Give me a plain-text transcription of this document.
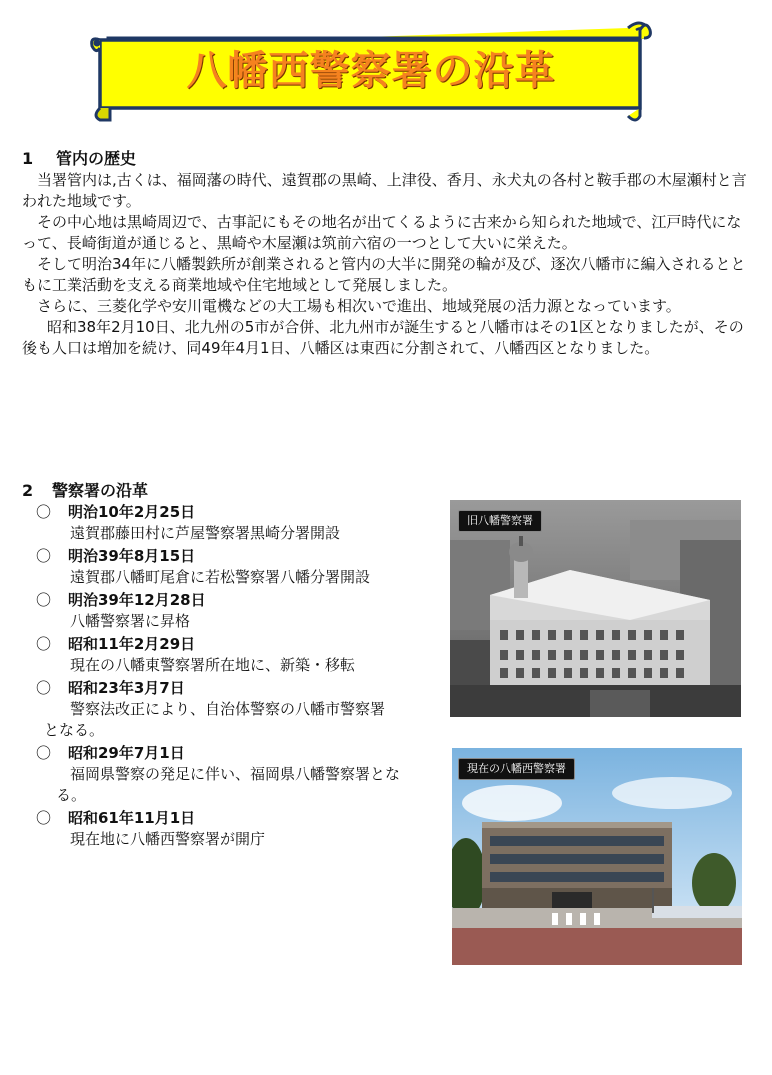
八幡西警察署の沿革
1 管内の歴史

当署管内は,古くは、福岡藩の時代、遠賀郡の黒崎、上津役、香月、永犬丸の各村と鞍手郡の木屋瀬村と言われた地域です。

その中心地は黒崎周辺で、古事記にもその地名が出てくるように古来から知られた地域で、江戸時代になって、長崎街道が通じると、黒崎や木屋瀬は筑前六宿の一つとして大いに栄えた。

そして明治34年に八幡製鉄所が創業されると管内の大半に開発の輪が及び、逐次八幡市に編入されるとともに工業活動を支える商業地域や住宅地域として発展しました。

さらに、三菱化学や安川電機などの大工場も相次いで進出、地域発展の活力源となっています。

昭和38年2月10日、北九州の5市が合併、北九州市が誕生すると八幡市はその1区となりましたが、その後も人口は増加を続け、同49年4月1日、八幡区は東西に分割されて、八幡西区となりました。

2 警察署の沿革
〇 明治10年2月25日
遠賀郡藤田村に芦屋警察署黒崎分署開設
〇 明治39年8月15日
遠賀郡八幡町尾倉に若松警察署八幡分署開設
〇 明治39年12月28日
八幡警察署に昇格
〇 昭和11年2月29日
現在の八幡東警察署所在地に、新築・移転
〇 昭和23年3月7日
警察法改正により、自治体警察の八幡市警察署となる。
〇 昭和29年7月1日
福岡県警察の発足に伴い、福岡県八幡警察署となる。
〇 昭和61年11月1日
現在地に八幡西警察署が開庁
旧八幡警察署
現在の八幡西警察署
